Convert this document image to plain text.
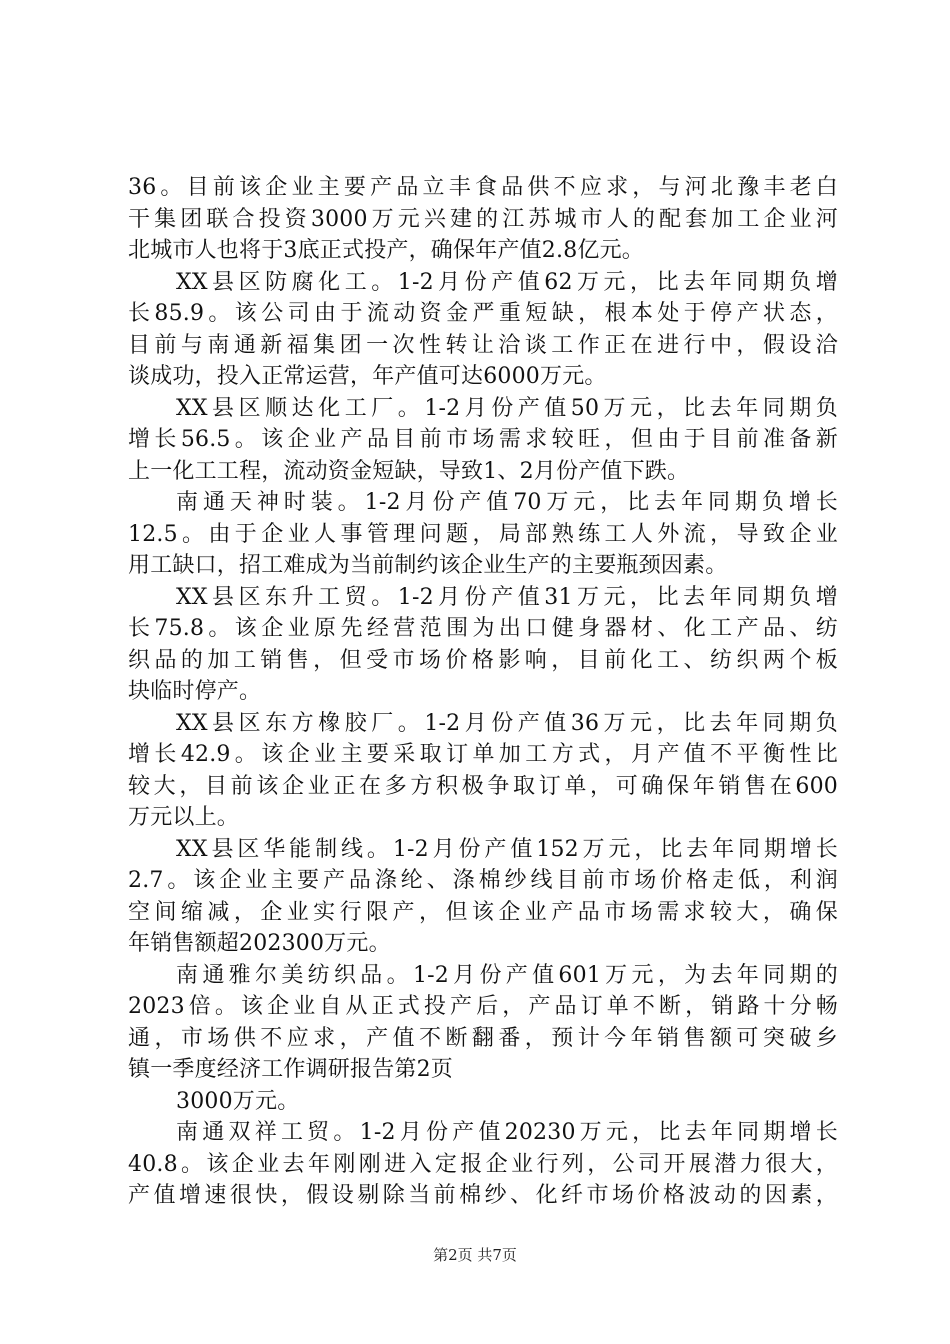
36。目前该企业主要产品立丰食品供不应求，与河北豫丰老白
干集团联合投资3000万元兴建的江苏城市人的配套加工企业河
北城市人也将于3底正式投产，确保年产值2.8亿元。
XX县区防腐化工。1-2月份产值62万元，比去年同期负增
长85.9。该公司由于流动资金严重短缺，根本处于停产状态，
目前与南通新福集团一次性转让洽谈工作正在进行中，假设洽
谈成功，投入正常运营，年产值可达6000万元。
XX县区顺达化工厂。1-2月份产值50万元，比去年同期负
增长56.5。该企业产品目前市场需求较旺，但由于目前准备新
上一化工工程，流动资金短缺，导致1、2月份产值下跌。
南通天神时装。1-2月份产值70万元，比去年同期负增长
12.5。由于企业人事管理问题，局部熟练工人外流，导致企业
用工缺口，招工难成为当前制约该企业生产的主要瓶颈因素。
XX县区东升工贸。1-2月份产值31万元，比去年同期负增
长75.8。该企业原先经营范围为出口健身器材、化工产品、纺
织品的加工销售，但受市场价格影响，目前化工、纺织两个板
块临时停产。
XX县区东方橡胶厂。1-2月份产值36万元，比去年同期负
增长42.9。该企业主要采取订单加工方式，月产值不平衡性比
较大，目前该企业正在多方积极争取订单，可确保年销售在600
万元以上。
XX县区华能制线。1-2月份产值152万元，比去年同期增长
2.7。该企业主要产品涤纶、涤棉纱线目前市场价格走低，利润
空间缩减，企业实行限产，但该企业产品市场需求较大，确保
年销售额超202300万元。
南通雅尔美纺织品。1-2月份产值601万元，为去年同期的
2023倍。该企业自从正式投产后，产品订单不断，销路十分畅
通，市场供不应求，产值不断翻番，预计今年销售额可突破乡
镇一季度经济工作调研报告第2页
3000万元。
南通双祥工贸。1-2月份产值20230万元，比去年同期增长
40.8。该企业去年刚刚进入定报企业行列，公司开展潜力很大，
产值增速很快，假设剔除当前棉纱、化纤市场价格波动的因素，
第2页 共7页
